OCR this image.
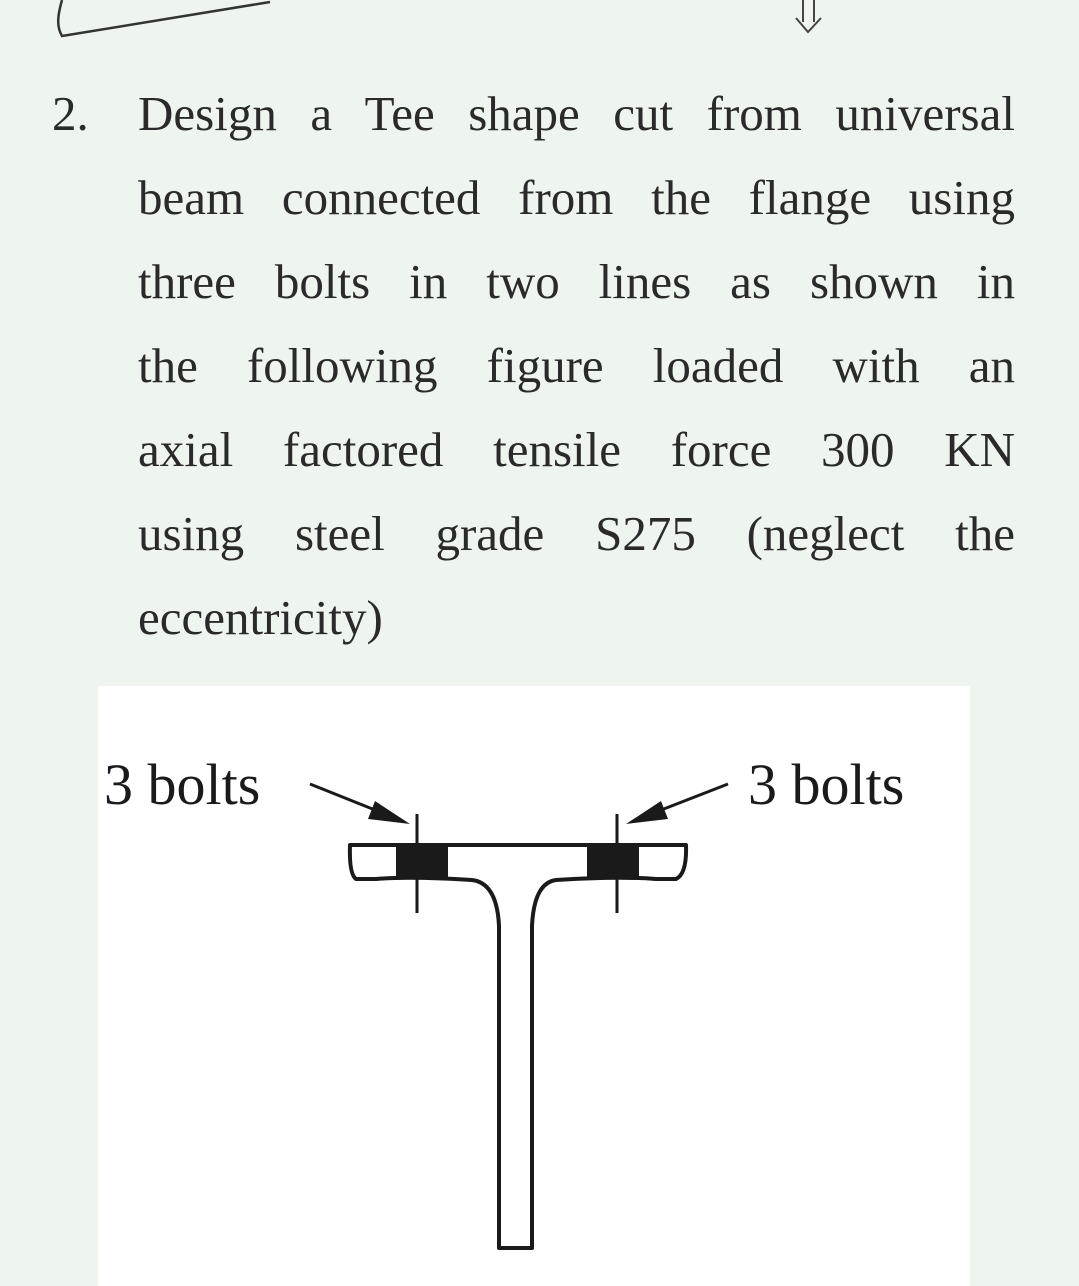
2. Design a Tee shape cut from universal
beam connected from the flange using
three bolts in two lines as shown in
the following figure loaded with an
axial factored tensile force 300 KN
using steel grade S275 (neglect the
eccentricity)
3 bolts	3 bolts
